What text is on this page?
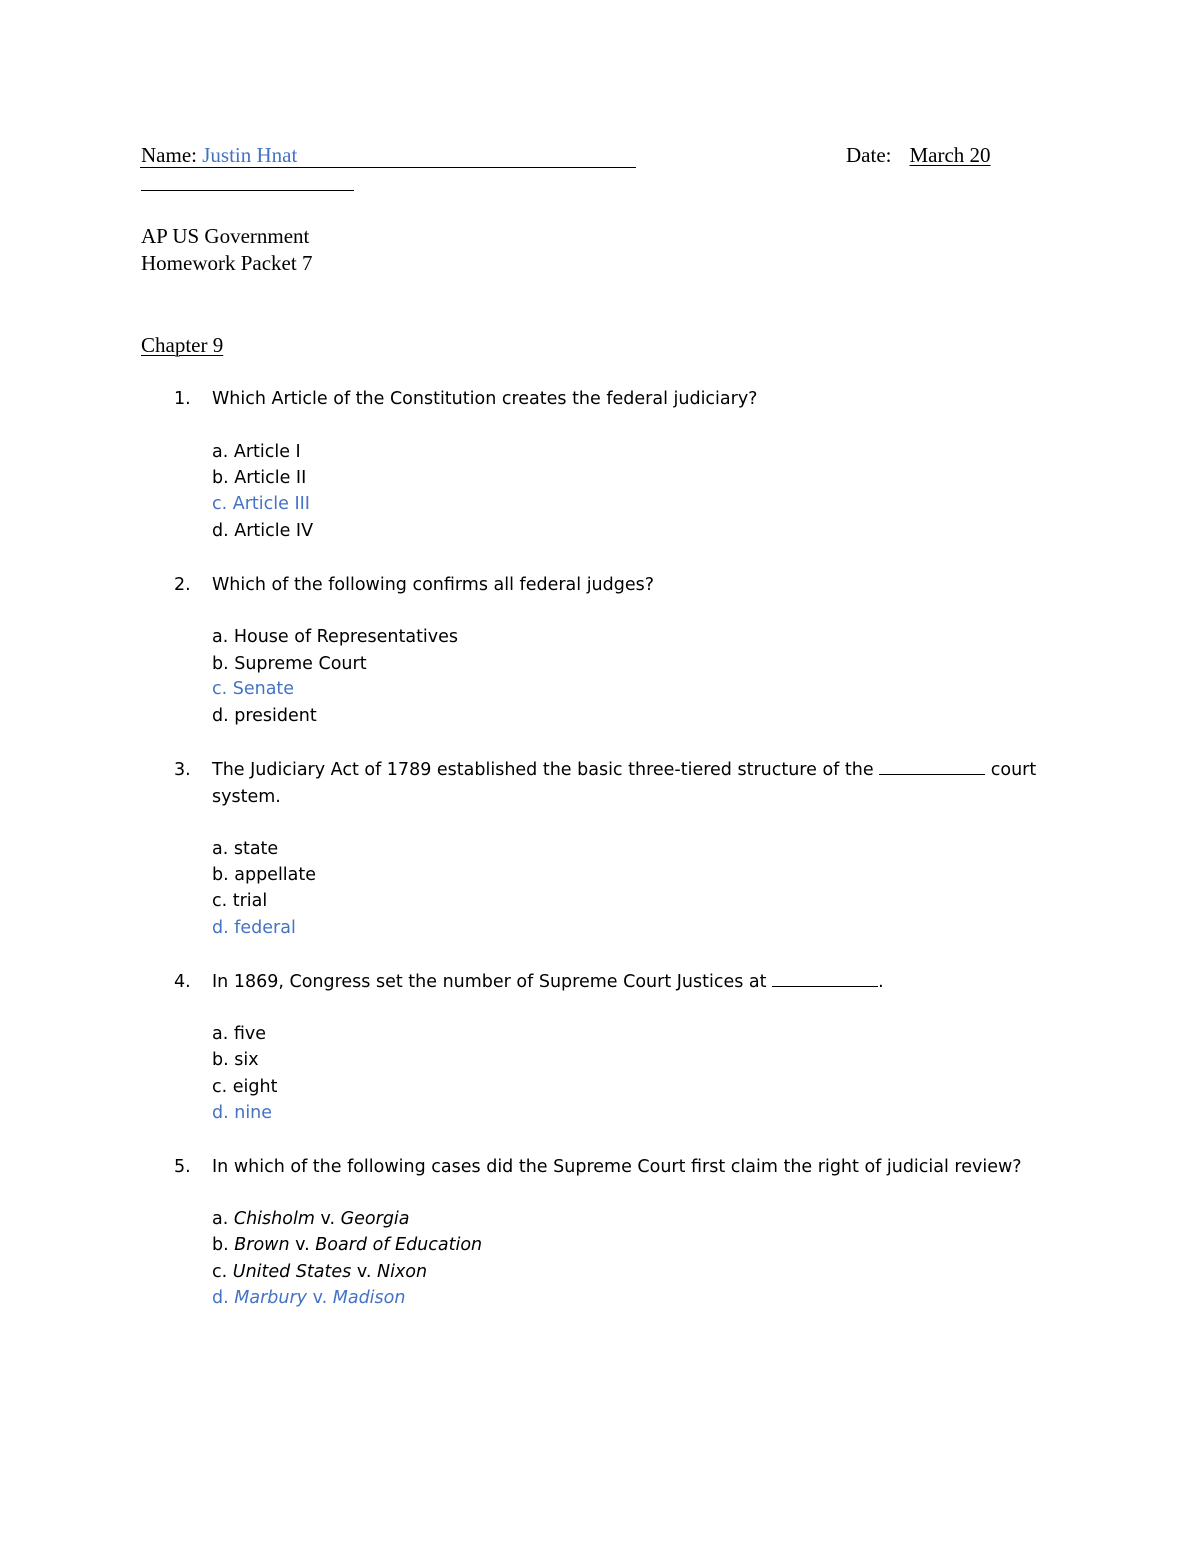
Name: Justin Hnat	Date: March 20
AP US Government
Homework Packet 7
Chapter 9
1.	Which Article of the Constitution creates the federal judiciary?
a. Article I
b. Article II
c. Article III
d. Article IV
2.	Which of the following confirms all federal judges?
a. House of Representatives
b. Supreme Court
c. Senate
d. president
3.	The Judiciary Act of 1789 established the basic three-tiered structure of the	court system.
a. state
b. appellate
c. trial
d. federal
4.	In 1869, Congress set the number of Supreme Court Justices at	.
a. five
b. six
c. eight
d. nine
5.	In which of the following cases did the Supreme Court first claim the right of judicial review?
a. Chisholm v. Georgia
b. Brown v. Board of Education
c. United States v. Nixon
d. Marbury v. Madison
